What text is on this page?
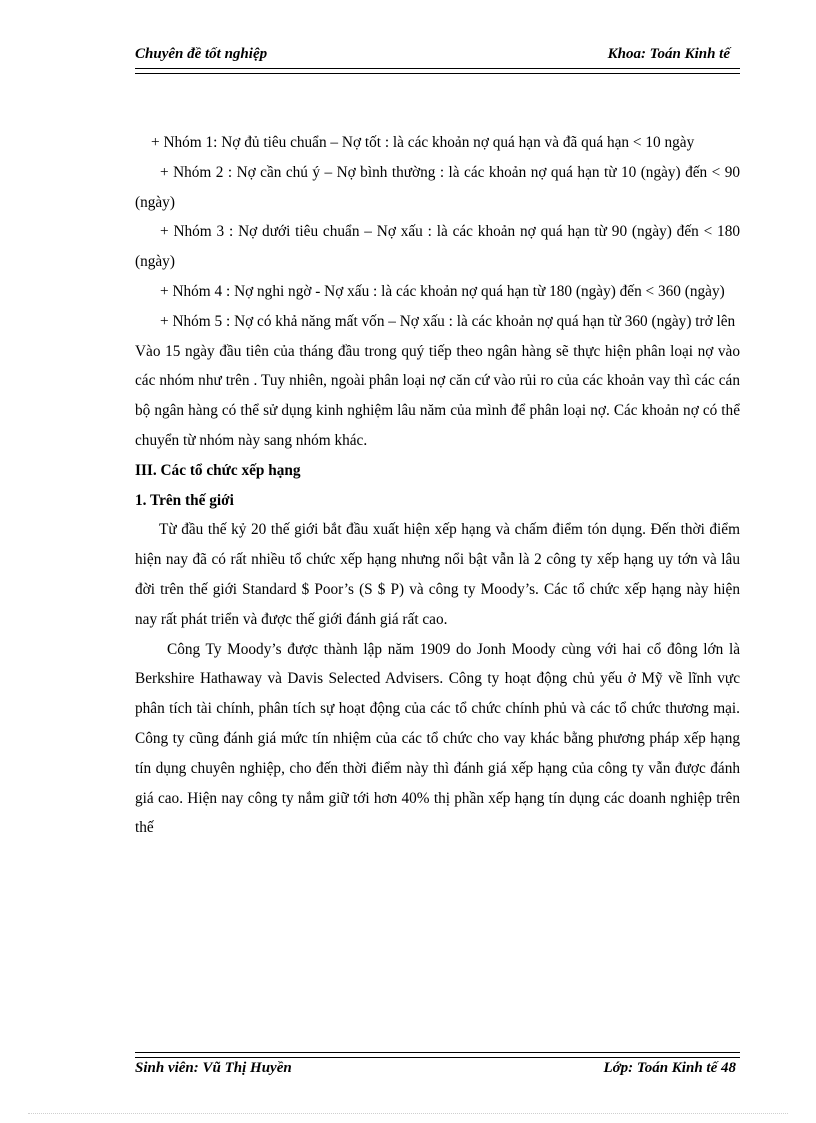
Chuyên đề tốt nghiệp	Khoa: Toán Kinh tế

+ Nhóm 1: Nợ đủ tiêu chuẩn – Nợ tốt : là các khoản nợ quá hạn và đã quá hạn < 10 ngày

+ Nhóm 2 : Nợ cần chú ý – Nợ bình thường : là các khoản nợ quá hạn từ 10 (ngày) đến < 90 (ngày)

+ Nhóm 3 : Nợ dưới tiêu chuẩn – Nợ xấu : là các khoản nợ quá hạn từ 90 (ngày) đến < 180 (ngày)

+ Nhóm 4 : Nợ nghi ngờ - Nợ xấu : là các khoản nợ quá hạn từ 180 (ngày) đến < 360 (ngày)

+ Nhóm 5 : Nợ có khả năng mất vốn – Nợ xấu : là các khoản nợ quá hạn từ 360 (ngày) trở lên

Vào 15 ngày đầu tiên của tháng đầu trong quý tiếp theo ngân hàng sẽ thực hiện phân loại nợ vào các nhóm như trên . Tuy nhiên, ngoài phân loại nợ căn cứ vào rủi ro của các khoản vay thì các cán bộ ngân hàng có thể sử dụng kinh nghiệm lâu năm của mình để phân loại nợ. Các khoản nợ có thể chuyển từ nhóm này sang nhóm khác.

III. Các tổ chức xếp hạng

1. Trên thế giới

Từ đầu thế kỷ 20 thế giới bắt đầu xuất hiện xếp hạng và chấm điểm tón dụng. Đến thời điểm hiện nay đã có rất nhiều tổ chức xếp hạng nhưng nổi bật vẫn là 2 công ty xếp hạng uy tớn và lâu đời trên thế giới Standard $ Poor’s (S $ P) và công ty Moody’s. Các tổ chức xếp hạng này hiện nay rất phát triển và được thế giới đánh giá rất cao.

Công Ty Moody’s được thành lập năm 1909 do Jonh Moody cùng với hai cổ đông lớn là Berkshire Hathaway và Davis Selected Advisers. Công ty hoạt động chủ yếu ở Mỹ về lĩnh vực phân tích tài chính, phân tích sự hoạt động của các tổ chức chính phủ và các tổ chức thương mại. Công ty cũng đánh giá mức tín nhiệm của các tổ chức cho vay khác bằng phương pháp xếp hạng tín dụng chuyên nghiệp, cho đến thời điểm này thì đánh giá xếp hạng của công ty vẫn được đánh giá cao. Hiện nay công ty nắm giữ tới hơn 40% thị phần xếp hạng tín dụng các doanh nghiệp trên thế

Sinh viên: Vũ Thị Huyền	Lớp: Toán Kinh tế 48
